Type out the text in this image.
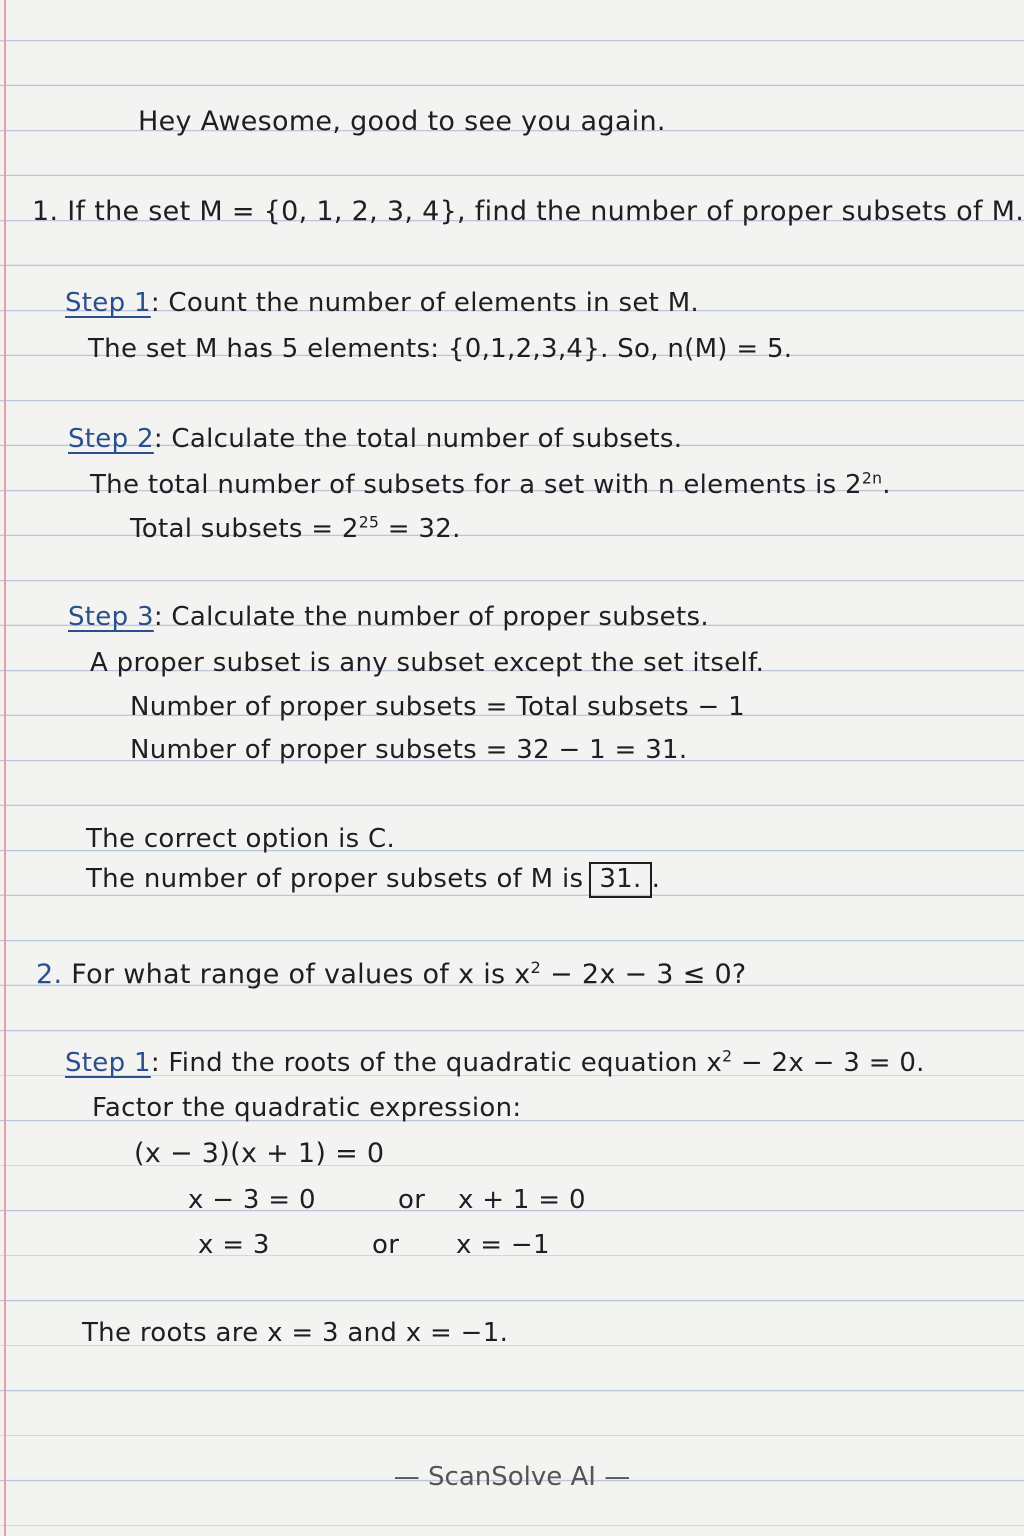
Hey Awesome, good to see you again.
1. If the set M = {0, 1, 2, 3, 4}, find the number of proper subsets of M.
Step 1: Count the number of elements in set M.
The set M has 5 elements: {0,1,2,3,4}. So, n(M) = 5.
Step 2: Calculate the total number of subsets.
The total number of subsets for a set with n elements is $2^{2n}$.
Total subsets = $2^{25} = 32$.
Step 3: Calculate the number of proper subsets.
A proper subset is any subset except the set itself.
Number of proper subsets = Total subsets − 1
Number of proper subsets = 32 − 1 = 31.
The correct option is C.
The number of proper subsets of M is 31. .
2. For what range of values of x is $x^2 - 2x - 3 \le 0$?
Step 1: Find the roots of the quadratic equation $x^2 - 2x - 3 = 0$.
Factor the quadratic expression:
(x − 3)(x + 1) = 0
x − 3 = 0	or x + 1 = 0
x = 3	or x = −1
The roots are x = 3 and x = −1.
— ScanSolve AI —
